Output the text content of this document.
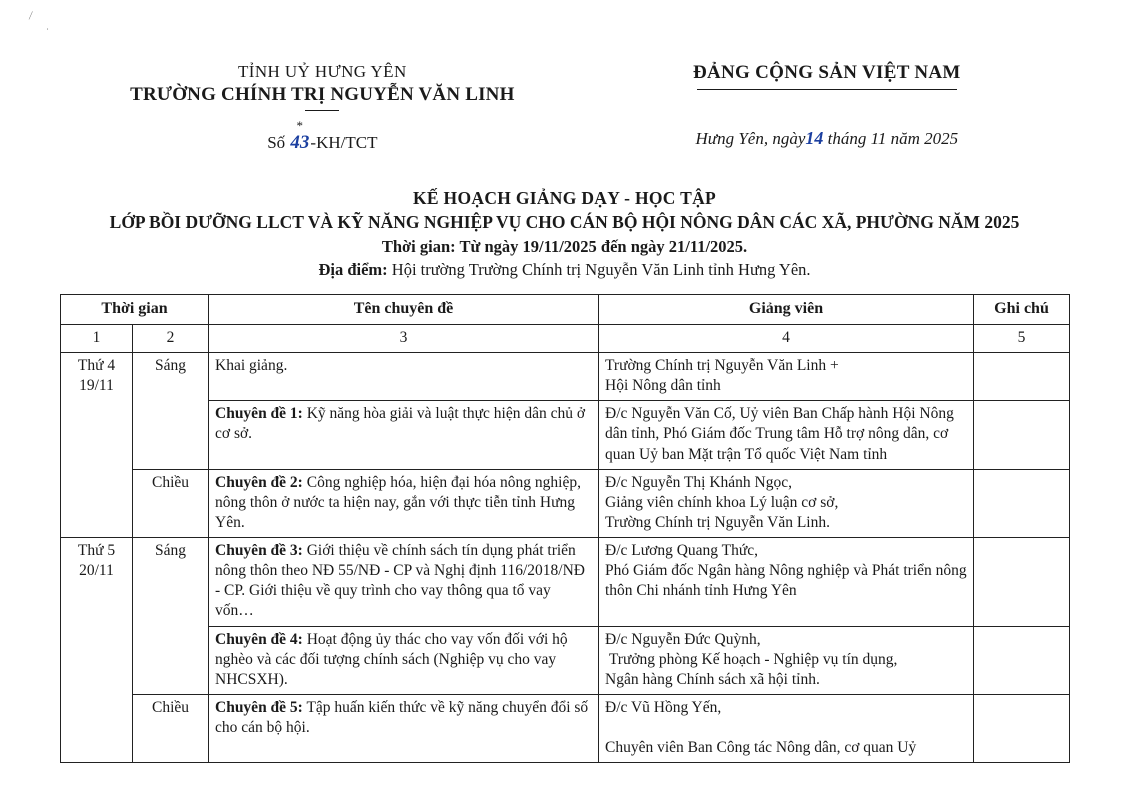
⁄
·
TỈNH UỶ HƯNG YÊN
TRƯỜNG CHÍNH TRỊ NGUYỄN VĂN LINH
Số 43-KH/TCT
ĐẢNG CỘNG SẢN VIỆT NAM
Hưng Yên, ngày14 tháng 11 năm 2025
*
KẾ HOẠCH GIẢNG DẠY - HỌC TẬP
LỚP BỒI DƯỠNG LLCT VÀ KỸ NĂNG NGHIỆP VỤ CHO CÁN BỘ HỘI NÔNG DÂN CÁC XÃ, PHƯỜNG NĂM 2025
Thời gian: Từ ngày 19/11/2025 đến ngày 21/11/2025.
Địa điểm: Hội trường Trường Chính trị Nguyễn Văn Linh tỉnh Hưng Yên.
Thời gian		Tên chuyên đề	Giảng viên	Ghi chú
1	2	3	4	5
Thứ 4
19/11	Sáng	Khai giảng.	Trường Chính trị Nguyễn Văn Linh +
Hội Nông dân tỉnh	
		Chuyên đề 1: Kỹ năng hòa giải và luật thực hiện dân chủ ở cơ sở.	Đ/c Nguyễn Văn Cố, Uỷ viên Ban Chấp hành Hội Nông dân tỉnh, Phó Giám đốc Trung tâm Hỗ trợ nông dân, cơ quan Uỷ ban Mặt trận Tổ quốc Việt Nam tỉnh	
	Chiều	Chuyên đề 2: Công nghiệp hóa, hiện đại hóa nông nghiệp, nông thôn ở nước ta hiện nay, gắn với thực tiễn tỉnh Hưng Yên.	Đ/c Nguyễn Thị Khánh Ngọc,
Giảng viên chính khoa Lý luận cơ sở,
Trường Chính trị Nguyễn Văn Linh.	
Thứ 5
20/11	Sáng	Chuyên đề 3: Giới thiệu về chính sách tín dụng phát triển nông thôn theo NĐ 55/NĐ - CP và Nghị định 116/2018/NĐ - CP. Giới thiệu về quy trình cho vay thông qua tổ vay vốn…	Đ/c Lương Quang Thức,
Phó Giám đốc Ngân hàng Nông nghiệp và Phát triển nông thôn Chi nhánh tỉnh Hưng Yên	
		Chuyên đề 4: Hoạt động ủy thác cho vay vốn đối với hộ nghèo và các đối tượng chính sách (Nghiệp vụ cho vay NHCSXH).	Đ/c Nguyễn Đức Quỳnh,
Trưởng phòng Kế hoạch - Nghiệp vụ tín dụng,
Ngân hàng Chính sách xã hội tỉnh.	
	Chiều	Chuyên đề 5: Tập huấn kiến thức về kỹ năng chuyển đổi số cho cán bộ hội.	Đ/c Vũ Hồng Yến,

Chuyên viên Ban Công tác Nông dân, cơ quan Uỷ	
